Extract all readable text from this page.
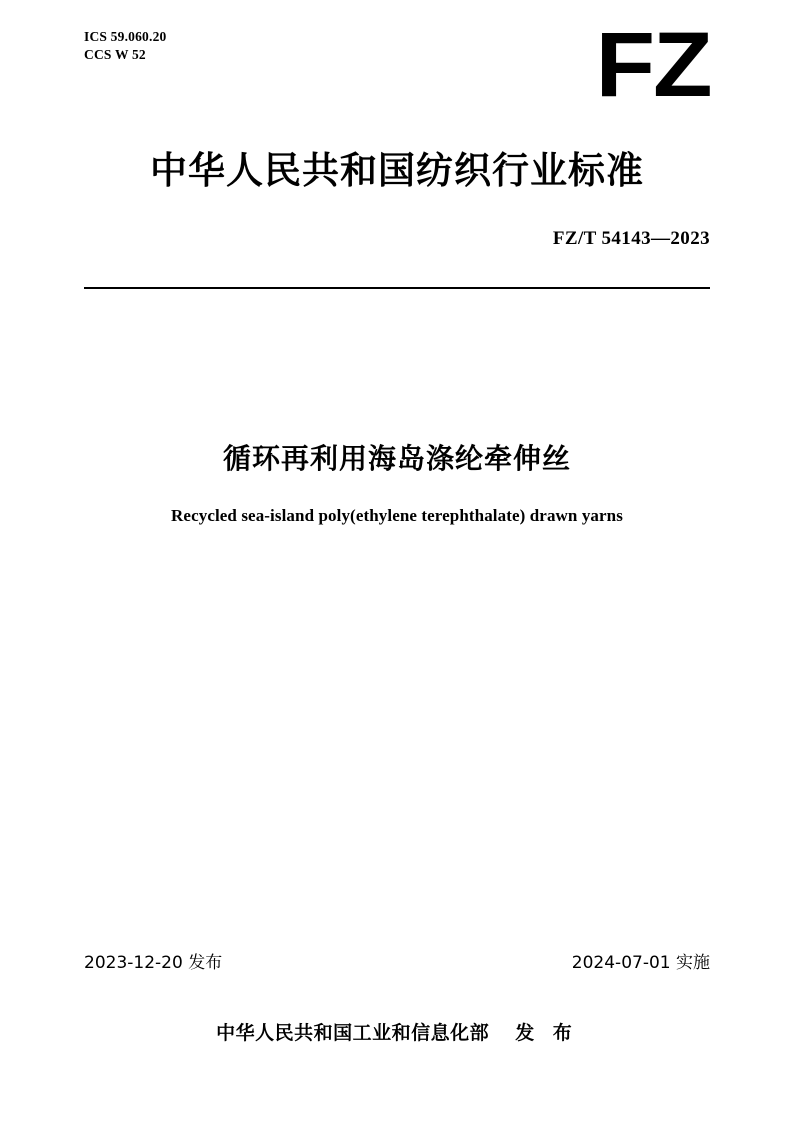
ICS 59.060.20
CCS W 52	FZ
中华人民共和国纺织行业标准
FZ/T 54143—2023
循环再利用海岛涤纶牵伸丝
Recycled sea-island poly(ethylene terephthalate) drawn yarns
2023-12-20 发布	2024-07-01 实施
中华人民共和国工业和信息化部 发 布
